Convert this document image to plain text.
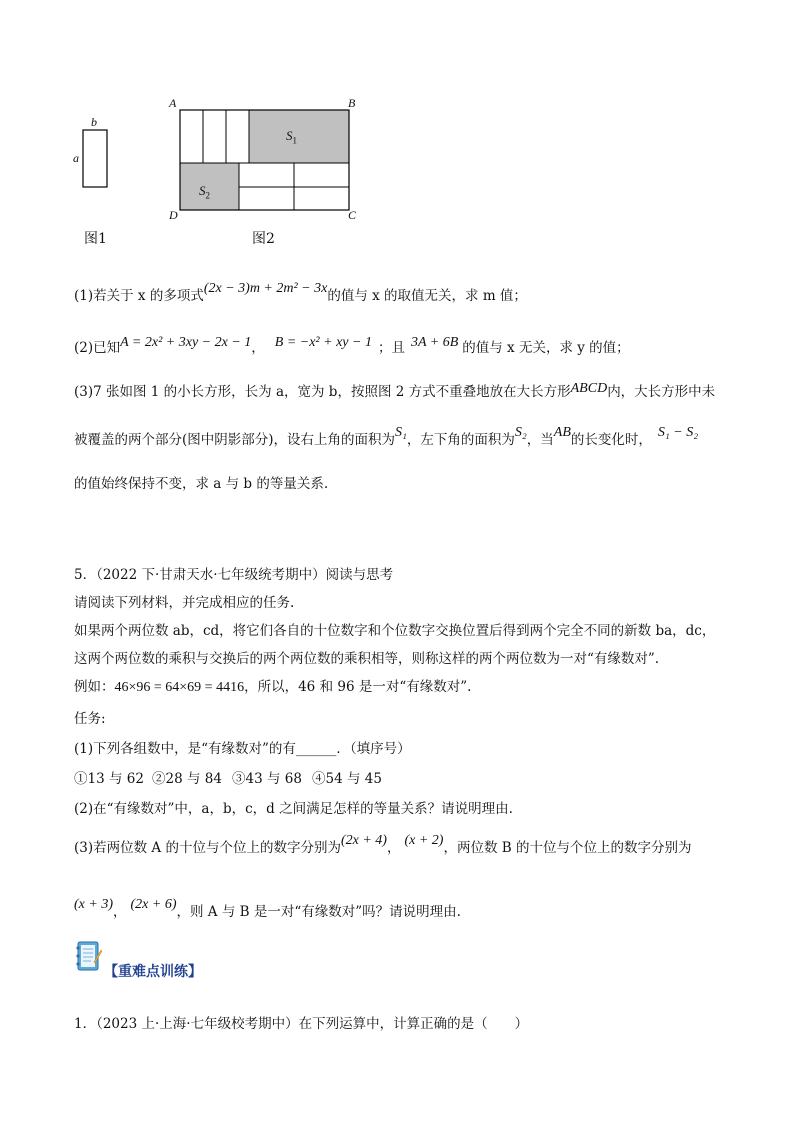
b
a
图1
A	B
D	C
$S_1$
$S_2$
图2
(1)若关于 x 的多项式(2x − 3)m + 2m² − 3x的值与 x 的取值无关，求 m 值；
(2)已知A = 2x² + 3xy − 2x − 1， B = −x² + xy − 1 ；且 3A + 6B 的值与 x 无关，求 y 的值；
(3)7 张如图 1 的小长方形，长为 a，宽为 b，按照图 2 方式不重叠地放在大长方形ABCD内，大长方形中未
被覆盖的两个部分(图中阴影部分)，设右上角的面积为S₁，左下角的面积为S₂，当AB的长变化时， S₁ − S₂
的值始终保持不变，求 a 与 b 的等量关系.
5．（2022 下·甘肃天水·七年级统考期中）阅读与思考
请阅读下列材料，并完成相应的任务.
如果两个两位数 ab，cd，将它们各自的十位数字和个位数字交换位置后得到两个完全不同的新数 ba，dc，
这两个两位数的乘积与交换后的两个两位数的乘积相等，则称这样的两个两位数为一对“有缘数对”.
例如：46×96 = 64×69 = 4416，所以，46 和 96 是一对“有缘数对”.
任务:
(1)下列各组数中，是“有缘数对”的有______．（填序号）
①13 与 62 ②28 与 84 ③43 与 68 ④54 与 45
(2)在“有缘数对”中，a，b，c，d 之间满足怎样的等量关系？请说明理由.
(3)若两位数 A 的十位与个位上的数字分别为(2x + 4)， (x + 2)，两位数 B 的十位与个位上的数字分别为
(x + 3)， (2x + 6)，则 A 与 B 是一对“有缘数对”吗？请说明理由.
【重难点训练】
1．（2023 上·上海·七年级校考期中）在下列运算中，计算正确的是（　　）
